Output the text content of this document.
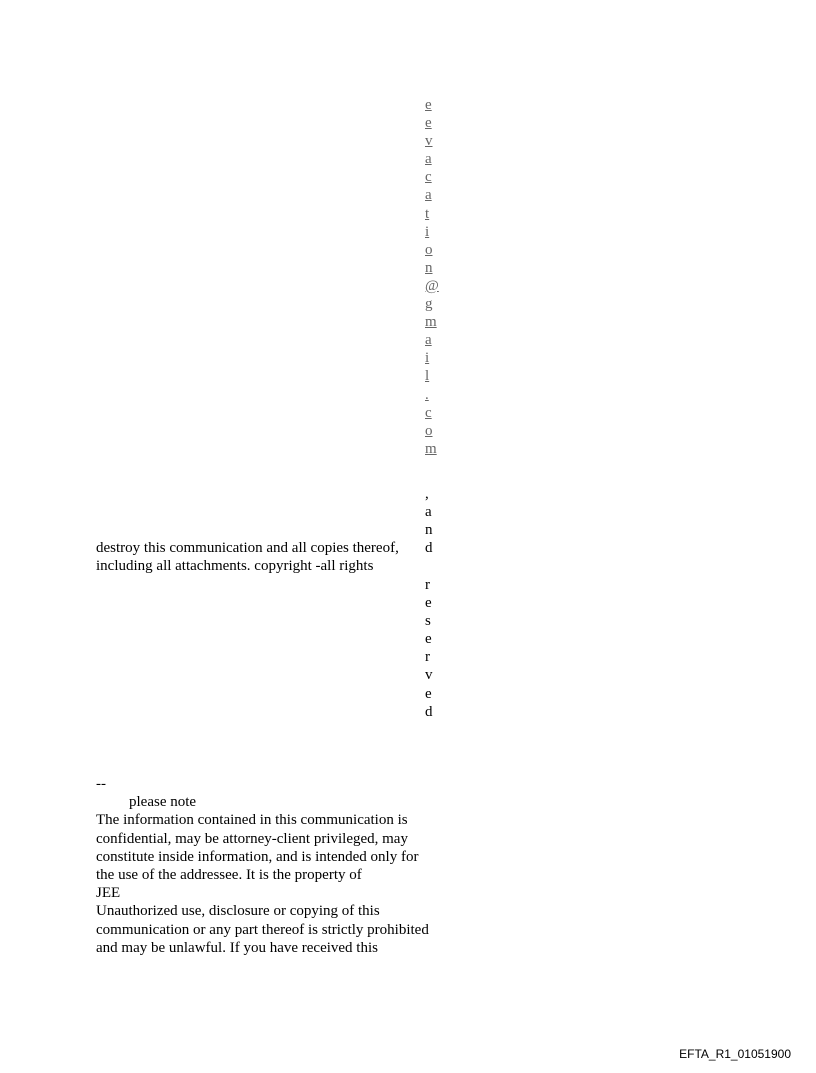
e
e
v
a
c
a
t
i
o
n
@
g
m
a
i
l
.
c
o
m
,
a
n
d
destroy this communication and all copies thereof,
including all attachments. copyright -all rights
r
e
s
e
r
v
e
d
--
please note
The information contained in this communication is
confidential, may be attorney-client privileged, may
constitute inside information, and is intended only for
the use of the addressee. It is the property of
JEE
Unauthorized use, disclosure or copying of this
communication or any part thereof is strictly prohibited
and may be unlawful. If you have received this
EFTA_R1_01051900
